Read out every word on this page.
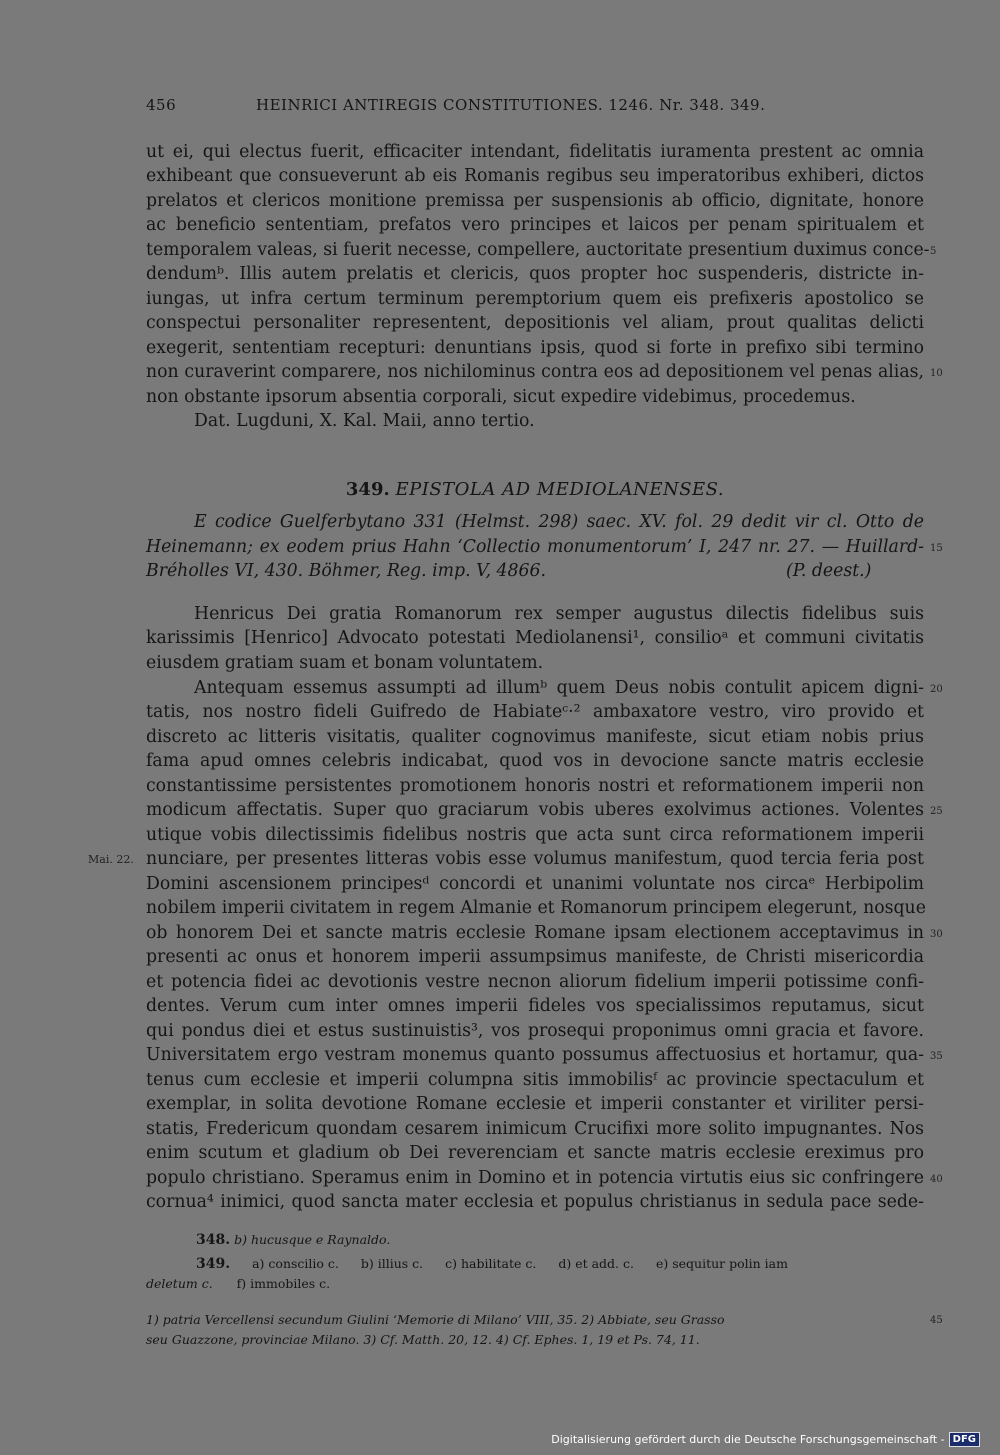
456	HEINRICI ANTIREGIS CONSTITUTIONES. 1246. Nr. 348. 349.
ut ei, qui electus fuerit, efficaciter intendant, fidelitatis iuramenta prestent ac omnia
exhibeant que consueverunt ab eis Romanis regibus seu imperatoribus exhiberi, dictos
prelatos et clericos monitione premissa per suspensionis ab officio, dignitate, honore
ac beneficio sententiam, prefatos vero principes et laicos per penam spiritualem et
temporalem valeas, si fuerit necesse, compellere, auctoritate presentium duximus conce-
dendumᵇ. Illis autem prelatis et clericis, quos propter hoc suspenderis, districte in-
iungas, ut infra certum terminum peremptorium quem eis prefixeris apostolico se
conspectui personaliter representent, depositionis vel aliam, prout qualitas delicti
exegerit, sententiam recepturi: denuntians ipsis, quod si forte in prefixo sibi termino
non curaverint comparere, nos nichilominus contra eos ad depositionem vel penas alias,
non obstante ipsorum absentia corporali, sicut expedire videbimus, procedemus.
Dat. Lugduni, X. Kal. Maii, anno tertio.
349. EPISTOLA AD MEDIOLANENSES.
E codice Guelferbytano 331 (Helmst. 298) saec. XV. fol. 29 dedit vir cl. Otto de
Heinemann; ex eodem prius Hahn ‘Collectio monumentorum’ I, 247 nr. 27. — Huillard-
Bréholles VI, 430. Böhmer, Reg. imp. V, 4866.	(P. deest.)
Henricus Dei gratia Romanorum rex semper augustus dilectis fidelibus suis
karissimis [Henrico] Advocato potestati Mediolanensi¹, consilioᵃ et communi civitatis
eiusdem gratiam suam et bonam voluntatem.
Antequam essemus assumpti ad illumᵇ quem Deus nobis contulit apicem digni-
tatis, nos nostro fideli Guifredo de Habiateᶜ·² ambaxatore vestro, viro provido et
discreto ac litteris visitatis, qualiter cognovimus manifeste, sicut etiam nobis prius
fama apud omnes celebris indicabat, quod vos in devocione sancte matris ecclesie
constantissime persistentes promotionem honoris nostri et reformationem imperii non
modicum affectatis. Super quo graciarum vobis uberes exolvimus actiones. Volentes
utique vobis dilectissimis fidelibus nostris que acta sunt circa reformationem imperii
nunciare, per presentes litteras vobis esse volumus manifestum, quod tercia feria post
Domini ascensionem principesᵈ concordi et unanimi voluntate nos circaᵉ Herbipolim
nobilem imperii civitatem in regem Almanie et Romanorum principem elegerunt, nosque
ob honorem Dei et sancte matris ecclesie Romane ipsam electionem acceptavimus in
presenti ac onus et honorem imperii assumpsimus manifeste, de Christi misericordia
et potencia fidei ac devotionis vestre necnon aliorum fidelium imperii potissime confi-
dentes. Verum cum inter omnes imperii fideles vos specialissimos reputamus, sicut
qui pondus diei et estus sustinuistis³, vos prosequi proponimus omni gracia et favore.
Universitatem ergo vestram monemus quanto possumus affectuosius et hortamur, qua-
tenus cum ecclesie et imperii columpna sitis immobilisᶠ ac provincie spectaculum et
exemplar, in solita devotione Romane ecclesie et imperii constanter et viriliter persi-
statis, Fredericum quondam cesarem inimicum Crucifixi more solito impugnantes. Nos
enim scutum et gladium ob Dei reverenciam et sancte matris ecclesie ereximus pro
populo christiano. Speramus enim in Domino et in potencia virtutis eius sic confringere
cornua⁴ inimici, quod sancta mater ecclesia et populus christianus in sedula pace sede-
5
10
15
20
25
30
35
40
45
Mai. 22.
348. b) hucusque e Raynaldo.
349. a) conscilio c. b) illius c. c) habilitate c. d) et add. c. e) sequitur polin iam
deletum c. f) immobiles c.
1) patria Vercellensi secundum Giulini ‘Memorie di Milano’ VIII, 35. 2) Abbiate, seu Grasso
seu Guazzone, provinciae Milano. 3) Cf. Matth. 20, 12. 4) Cf. Ephes. 1, 19 et Ps. 74, 11.
Digitalisierung gefördert durch die Deutsche Forschungsgemeinschaft - DFG
